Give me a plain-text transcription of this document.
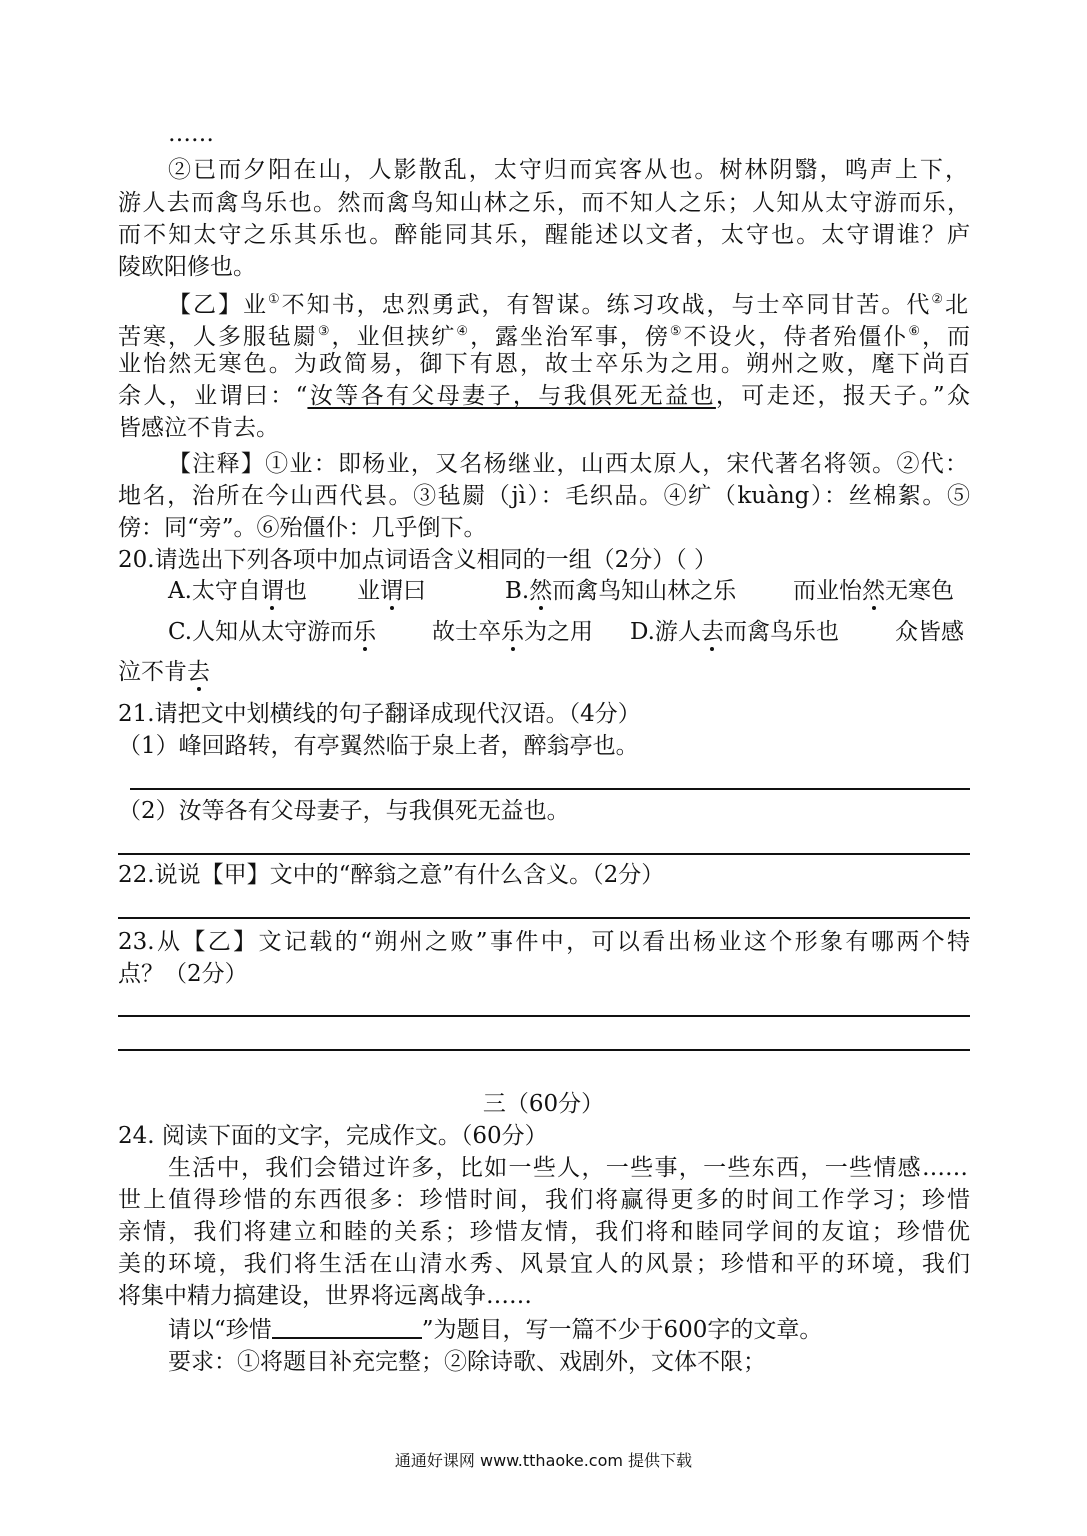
……
②已而夕阳在山，人影散乱，太守归而宾客从也。树林阴翳，鸣声上下，
游人去而禽鸟乐也。然而禽鸟知山林之乐，而不知人之乐；人知从太守游而乐，
而不知太守之乐其乐也。醉能同其乐，醒能述以文者，太守也。太守谓谁？庐
陵欧阳修也。
【乙】业①不知书，忠烈勇武，有智谋。练习攻战，与士卒同甘苦。代②北
苦寒，人多服毡罽③，业但挟纩④，露坐治军事，傍⑤不设火，侍者殆僵仆⑥，而
业怡然无寒色。为政简易，御下有恩，故士卒乐为之用。朔州之败，麾下尚百
余人，业谓曰：“汝等各有父母妻子，与我俱死无益也，可走还，报天子。”众
皆感泣不肯去。
【注释】①业：即杨业，又名杨继业，山西太原人，宋代著名将领。②代：
地名，治所在今山西代县。③毡罽（jì）：毛织品。④纩（kuàng）：丝棉絮。⑤
傍：同“旁”。⑥殆僵仆：几乎倒下。
20.请选出下列各项中加点词语含义相同的一组（2分）（ ）
A.太守自谓也 业谓曰	B.然而禽鸟知山林之乐 而业怡然无寒色
C.人知从太守游而乐 故士卒乐为之用 D.游人去而禽鸟乐也 众皆感
泣不肯去
21.请把文中划横线的句子翻译成现代汉语。（4分）
（1）峰回路转，有亭翼然临于泉上者，醉翁亭也。
（2）汝等各有父母妻子，与我俱死无益也。
22.说说【甲】文中的“醉翁之意”有什么含义。（2分）
23.从【乙】文记载的“朔州之败”事件中，可以看出杨业这个形象有哪两个特
点？（2分）
三（60分）
24. 阅读下面的文字，完成作文。（60分）
生活中，我们会错过许多，比如一些人，一些事，一些东西，一些情感……
世上值得珍惜的东西很多：珍惜时间，我们将赢得更多的时间工作学习；珍惜
亲情，我们将建立和睦的关系；珍惜友情，我们将和睦同学间的友谊；珍惜优
美的环境，我们将生活在山清水秀、风景宜人的风景；珍惜和平的环境，我们
将集中精力搞建设，世界将远离战争……
请以“珍惜	”为题目，写一篇不少于600字的文章。
要求：①将题目补充完整；②除诗歌、戏剧外，文体不限；
通通好课网 www.tthaoke.com 提供下载
